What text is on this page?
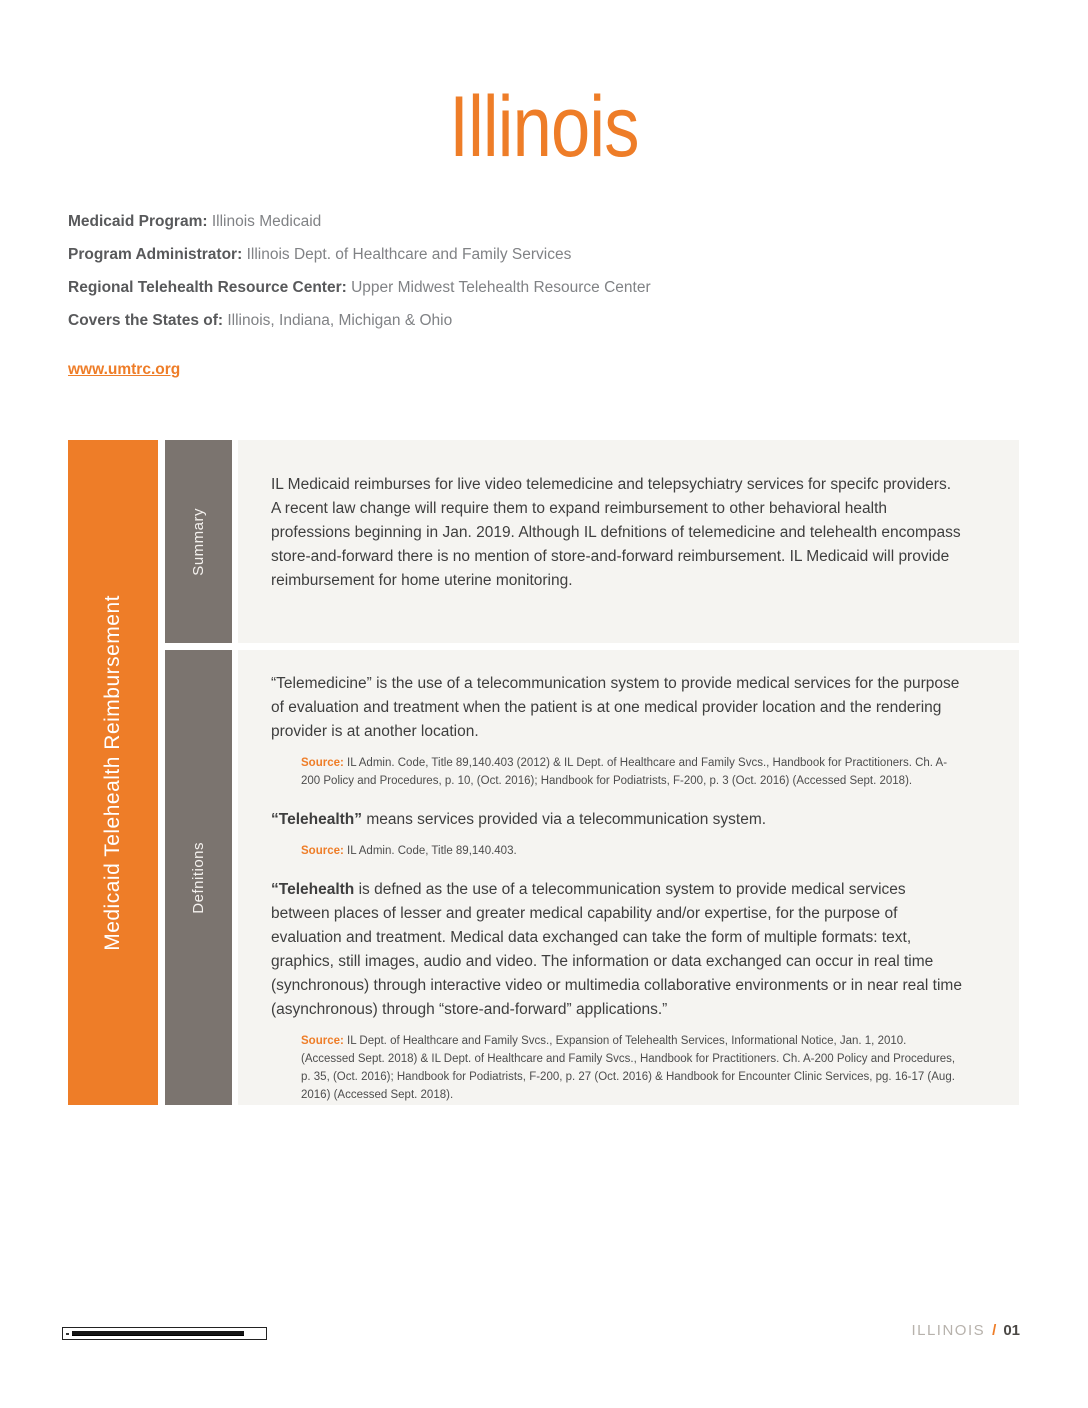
Illinois

Medicaid Program: Illinois Medicaid

Program Administrator: Illinois Dept. of Healthcare and Family Services

Regional Telehealth Resource Center: Upper Midwest Telehealth Resource Center

Covers the States of: Illinois, Indiana, Michigan & Ohio

www.umtrc.org
Medicaid Telehealth Reimbursement
Summary
Defnitions

IL Medicaid reimburses for live video telemedicine and telepsychiatry services for specifc providers. A recent law change will require them to expand reimbursement to other behavioral health professions beginning in Jan. 2019. Although IL defnitions of telemedicine and telehealth encompass store-and-forward there is no mention of store-and-forward reimbursement. IL Medicaid will provide reimbursement for home uterine monitoring.

“Telemedicine” is the use of a telecommunication system to provide medical services for the purpose of evaluation and treatment when the patient is at one medical provider location and the rendering provider is at another location.

Source: IL Admin. Code, Title 89,140.403 (2012) & IL Dept. of Healthcare and Family Svcs., Handbook for Practitioners. Ch. A-200 Policy and Procedures, p. 10, (Oct. 2016); Handbook for Podiatrists, F-200, p. 3 (Oct. 2016) (Accessed Sept. 2018).

“Telehealth” means services provided via a telecommunication system.

Source: IL Admin. Code, Title 89,140.403.

“Telehealth is defned as the use of a telecommunication system to provide medical services between places of lesser and greater medical capability and/or expertise, for the purpose of evaluation and treatment. Medical data exchanged can take the form of multiple formats: text, graphics, still images, audio and video. The information or data exchanged can occur in real time (synchronous) through interactive video or multimedia collaborative environments or in near real time (asynchronous) through “store-and-forward” applications.”

Source: IL Dept. of Healthcare and Family Svcs., Expansion of Telehealth Services, Informational Notice, Jan. 1, 2010. (Accessed Sept. 2018) & IL Dept. of Healthcare and Family Svcs., Handbook for Practitioners. Ch. A-200 Policy and Procedures, p. 35, (Oct. 2016); Handbook for Podiatrists, F-200, p. 27 (Oct. 2016) & Handbook for Encounter Clinic Services, pg. 16-17 (Aug. 2016) (Accessed Sept. 2018).

ILLINOIS / 01
